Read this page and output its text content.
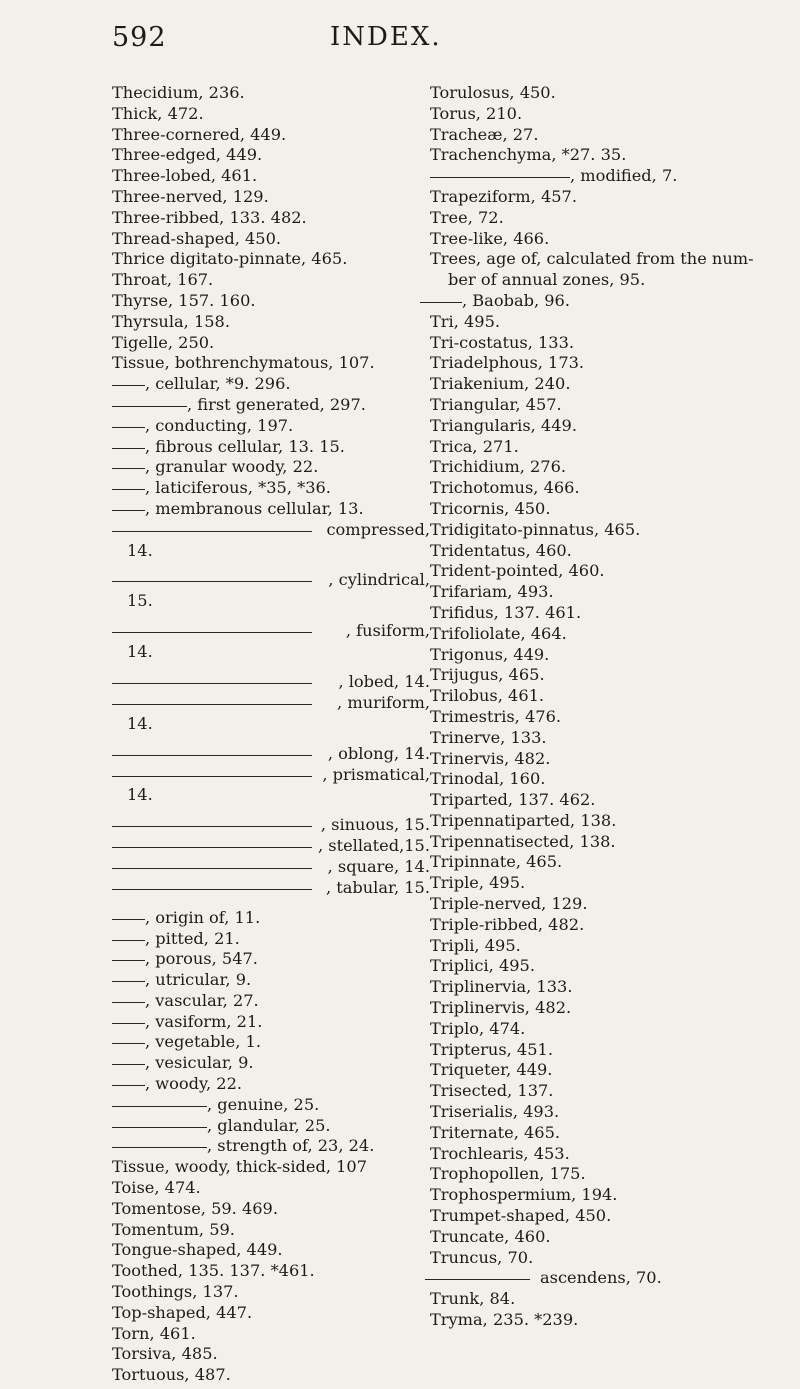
592	INDEX.
Thecidium, 236.
Thick, 472.
Three-cornered, 449.
Three-edged, 449.
Three-lobed, 461.
Three-nerved, 129.
Three-ribbed, 133. 482.
Thread-shaped, 450.
Thrice digitato-pinnate, 465.
Throat, 167.
Thyrse, 157. 160.
Thyrsula, 158.
Tigelle, 250.
Tissue, bothrenchymatous, 107.
, cellular, *9. 296.
, first generated, 297.
, conducting, 197.
, fibrous cellular, 13. 15.
, granular woody, 22.
, laticiferous, *35, *36.
, membranous cellular, 13.
compressed,
14.
, cylindrical,
15.
, fusiform,
14.
, lobed, 14.
, muriform,
14.
, oblong, 14.
, prismatical,
14.
, sinuous, 15.
, stellated,15.
, square, 14.
, tabular, 15.
, origin of, 11.
, pitted, 21.
, porous, 547.
, utricular, 9.
, vascular, 27.
, vasiform, 21.
, vegetable, 1.
, vesicular, 9.
, woody, 22.
, genuine, 25.
, glandular, 25.
, strength of, 23, 24.
Tissue, woody, thick-sided, 107
Toise, 474.
Tomentose, 59. 469.
Tomentum, 59.
Tongue-shaped, 449.
Toothed, 135. 137. *461.
Toothings, 137.
Top-shaped, 447.
Torn, 461.
Torsiva, 485.
Tortuous, 487.
Torulosus, 450.
Torus, 210.
Tracheæ, 27.
Trachenchyma, *27. 35.
, modified, 7.
Trapeziform, 457.
Tree, 72.
Tree-like, 466.
Trees, age of, calculated from the num-
ber of annual zones, 95.
, Baobab, 96.
Tri, 495.
Tri-costatus, 133.
Triadelphous, 173.
Triakenium, 240.
Triangular, 457.
Triangularis, 449.
Trica, 271.
Trichidium, 276.
Trichotomus, 466.
Tricornis, 450.
Tridigitato-pinnatus, 465.
Tridentatus, 460.
Trident-pointed, 460.
Trifariam, 493.
Trifidus, 137. 461.
Trifoliolate, 464.
Trigonus, 449.
Trijugus, 465.
Trilobus, 461.
Trimestris, 476.
Trinerve, 133.
Trinervis, 482.
Trinodal, 160.
Triparted, 137. 462.
Tripennatiparted, 138.
Tripennatisected, 138.
Tripinnate, 465.
Triple, 495.
Triple-nerved, 129.
Triple-ribbed, 482.
Tripli, 495.
Triplici, 495.
Triplinervia, 133.
Triplinervis, 482.
Triplo, 474.
Tripterus, 451.
Triqueter, 449.
Trisected, 137.
Triserialis, 493.
Triternate, 465.
Trochlearis, 453.
Trophopollen, 175.
Trophospermium, 194.
Trumpet-shaped, 450.
Truncate, 460.
Truncus, 70.
ascendens, 70.
Trunk, 84.
Tryma, 235. *239.
